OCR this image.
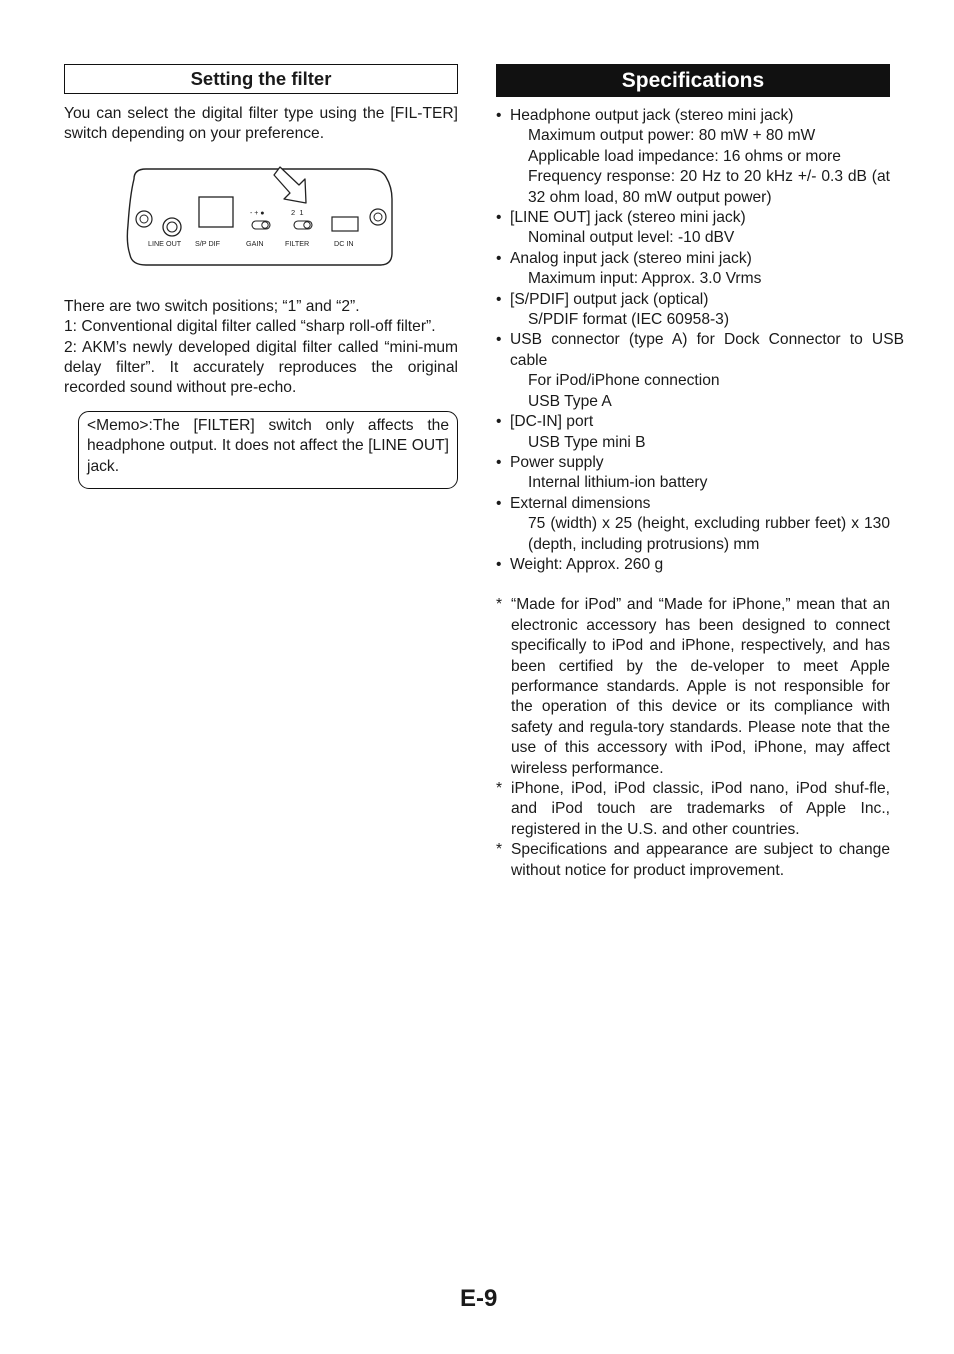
Setting the filter

You can select the digital filter type using the [FIL-TER] switch depending on your preference.

LINE OUT S/P DIF	GAIN	FILTER	DC IN
- + ●	2  1

There are two switch positions; “1” and “2”.

1: Conventional digital filter called “sharp roll-off filter”.

2: AKM’s newly developed digital filter called “mini-mum delay filter”. It accurately reproduces the original recorded sound without pre-echo.

<Memo>:The [FILTER] switch only affects the headphone output. It does not affect the [LINE OUT] jack.
Specifications
• Headphone output jack (stereo mini jack)
Maximum output power: 80 mW + 80 mW
Applicable load impedance: 16 ohms or more
Frequency response: 20 Hz to 20 kHz +/- 0.3 dB (at 32 ohm load, 80 mW output power)
• [LINE OUT] jack (stereo mini jack)
Nominal output level: -10 dBV
• Analog input jack (stereo mini jack)
Maximum input: Approx. 3.0 Vrms
• [S/PDIF] output jack (optical)
S/PDIF format (IEC 60958-3)
• USB connector (type A) for Dock Connector to USB cable
For iPod/iPhone connection
USB Type A
• [DC-IN] port
USB Type mini B
• Power supply
Internal lithium-ion battery
• External dimensions
75 (width) x 25 (height, excluding rubber feet) x 130 (depth, including protrusions) mm
• Weight: Approx. 260 g
* “Made for iPod” and “Made for iPhone,” mean that an electronic accessory has been designed to connect specifically to iPod and iPhone, respectively, and has been certified by the de-veloper to meet Apple performance standards. Apple is not responsible for the operation of this device or its compliance with safety and regula-tory standards. Please note that the use of this accessory with iPod, iPhone, may affect wireless performance.
* iPhone, iPod, iPod classic, iPod nano, iPod shuf-fle, and iPod touch are trademarks of Apple Inc., registered in the U.S. and other countries.
* Specifications and appearance are subject to change without notice for product improvement.
E-9
